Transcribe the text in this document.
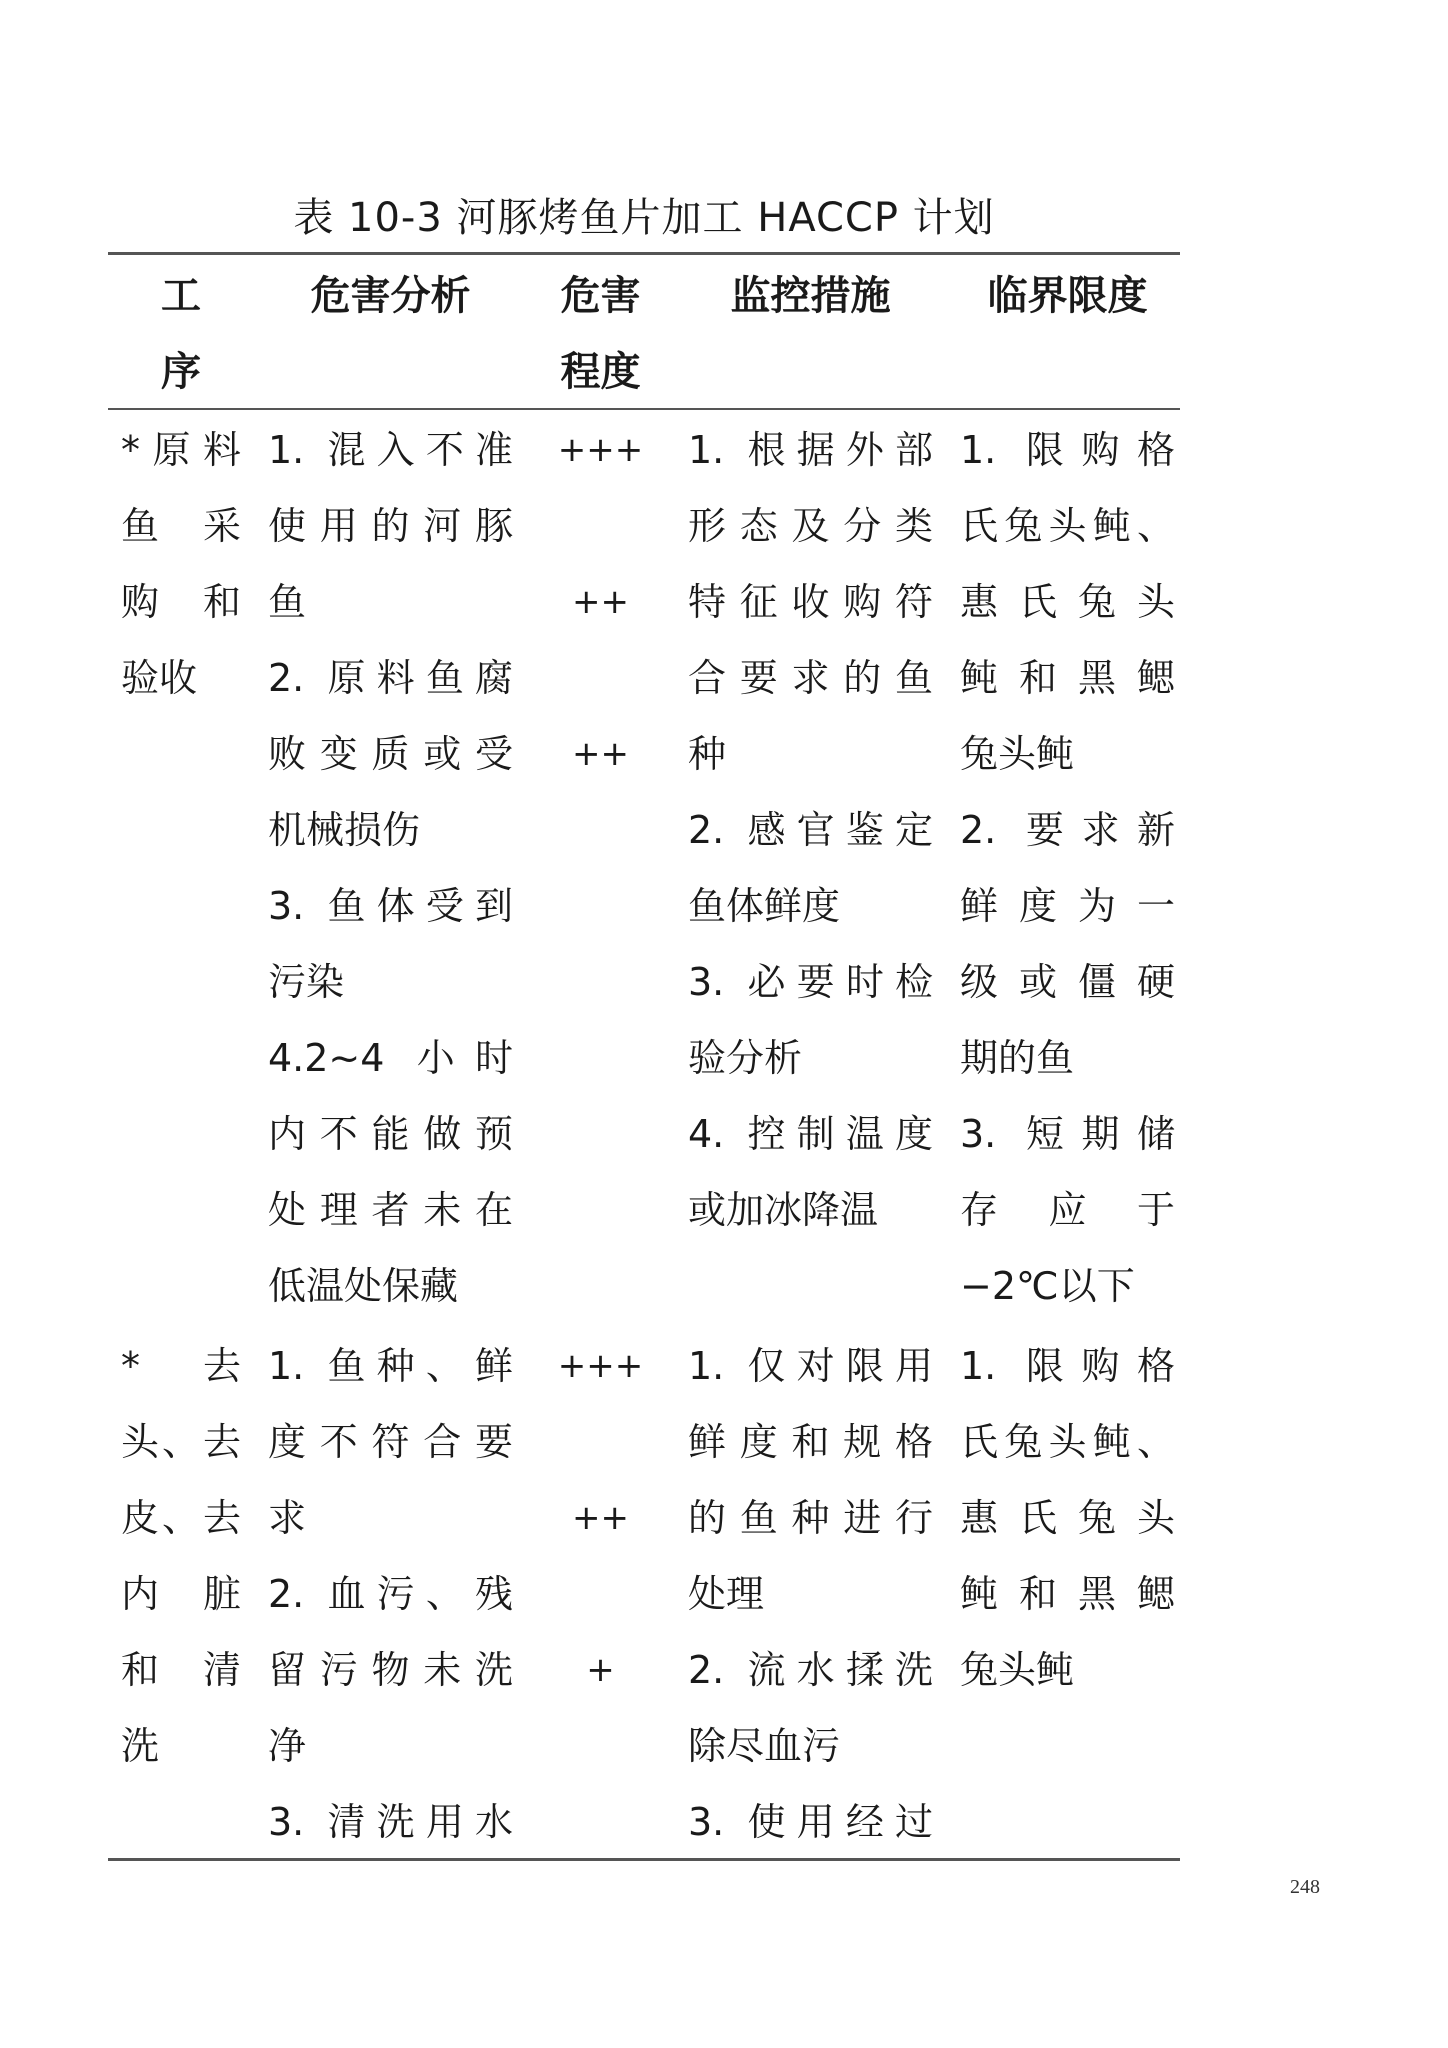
表 10-3 河豚烤鱼片加工 HACCP 计划
工
序
危害分析	危害
程度
监控措施	临界限度
*原料
鱼 采
购 和
验收
1. 混入不准
使用的河豚
鱼
2. 原料鱼腐
败变质或受
机械损伤
3. 鱼体受到
污染
4.2~4 小时
内不能做预
处理者未在
低温处保藏
+++
++
++
1. 根据外部
形态及分类
特征收购符
合要求的鱼
种
2. 感官鉴定
鱼体鲜度
3. 必要时检
验分析
4. 控制温度
或加冰降温
1. 限购格
氏兔头鲀、
惠 氏 兔 头
鲀 和 黑 鳃
兔头鲀
2. 要求新
鲜 度 为 一
级 或 僵 硬
期的鱼
3. 短期储
存 应 于
−2℃以下
* 去
头、去
皮、去
内 脏
和 清
洗
1. 鱼种、鲜
度不符合要
求
2. 血污、残
留污物未洗
净
3. 清洗用水
+++
++
+
1. 仅对限用
鲜度和规格
的鱼种进行
处理
2. 流水揉洗
除尽血污
3. 使用经过
1. 限购格
氏兔头鲀、
惠 氏 兔 头
鲀 和 黑 鳃
兔头鲀
248
